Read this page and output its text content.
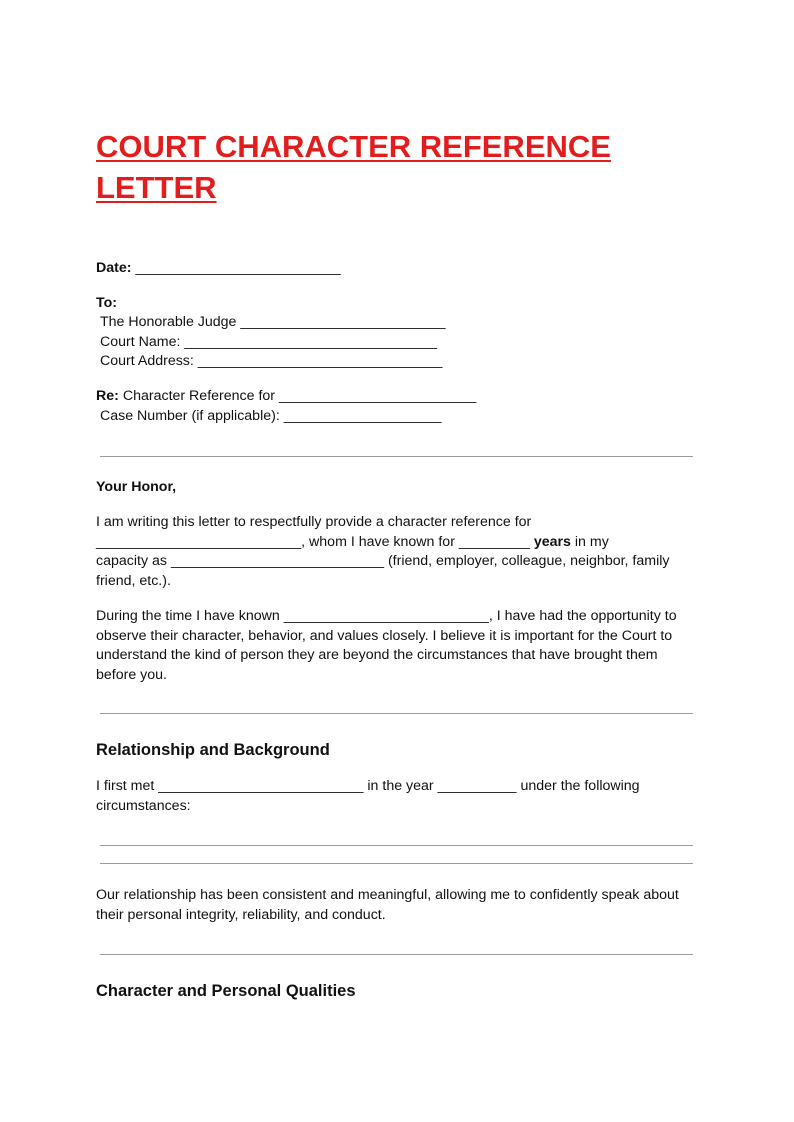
COURT CHARACTER REFERENCE LETTER
Date: __________________________
To:
The Honorable Judge __________________________
Court Name: ________________________________
Court Address: _______________________________
Re: Character Reference for _________________________
Case Number (if applicable): ____________________
Your Honor,

I am writing this letter to respectfully provide a character reference for
__________________________, whom I have known for _________ years in my
capacity as ___________________________ (friend, employer, colleague, neighbor, family friend, etc.).

During the time I have known __________________________, I have had the opportunity to observe their character, behavior, and values closely. I believe it is important for the Court to understand the kind of person they are beyond the circumstances that have brought them before you.

Relationship and Background

I first met __________________________ in the year __________ under the following circumstances:

Our relationship has been consistent and meaningful, allowing me to confidently speak about their personal integrity, reliability, and conduct.

Character and Personal Qualities
